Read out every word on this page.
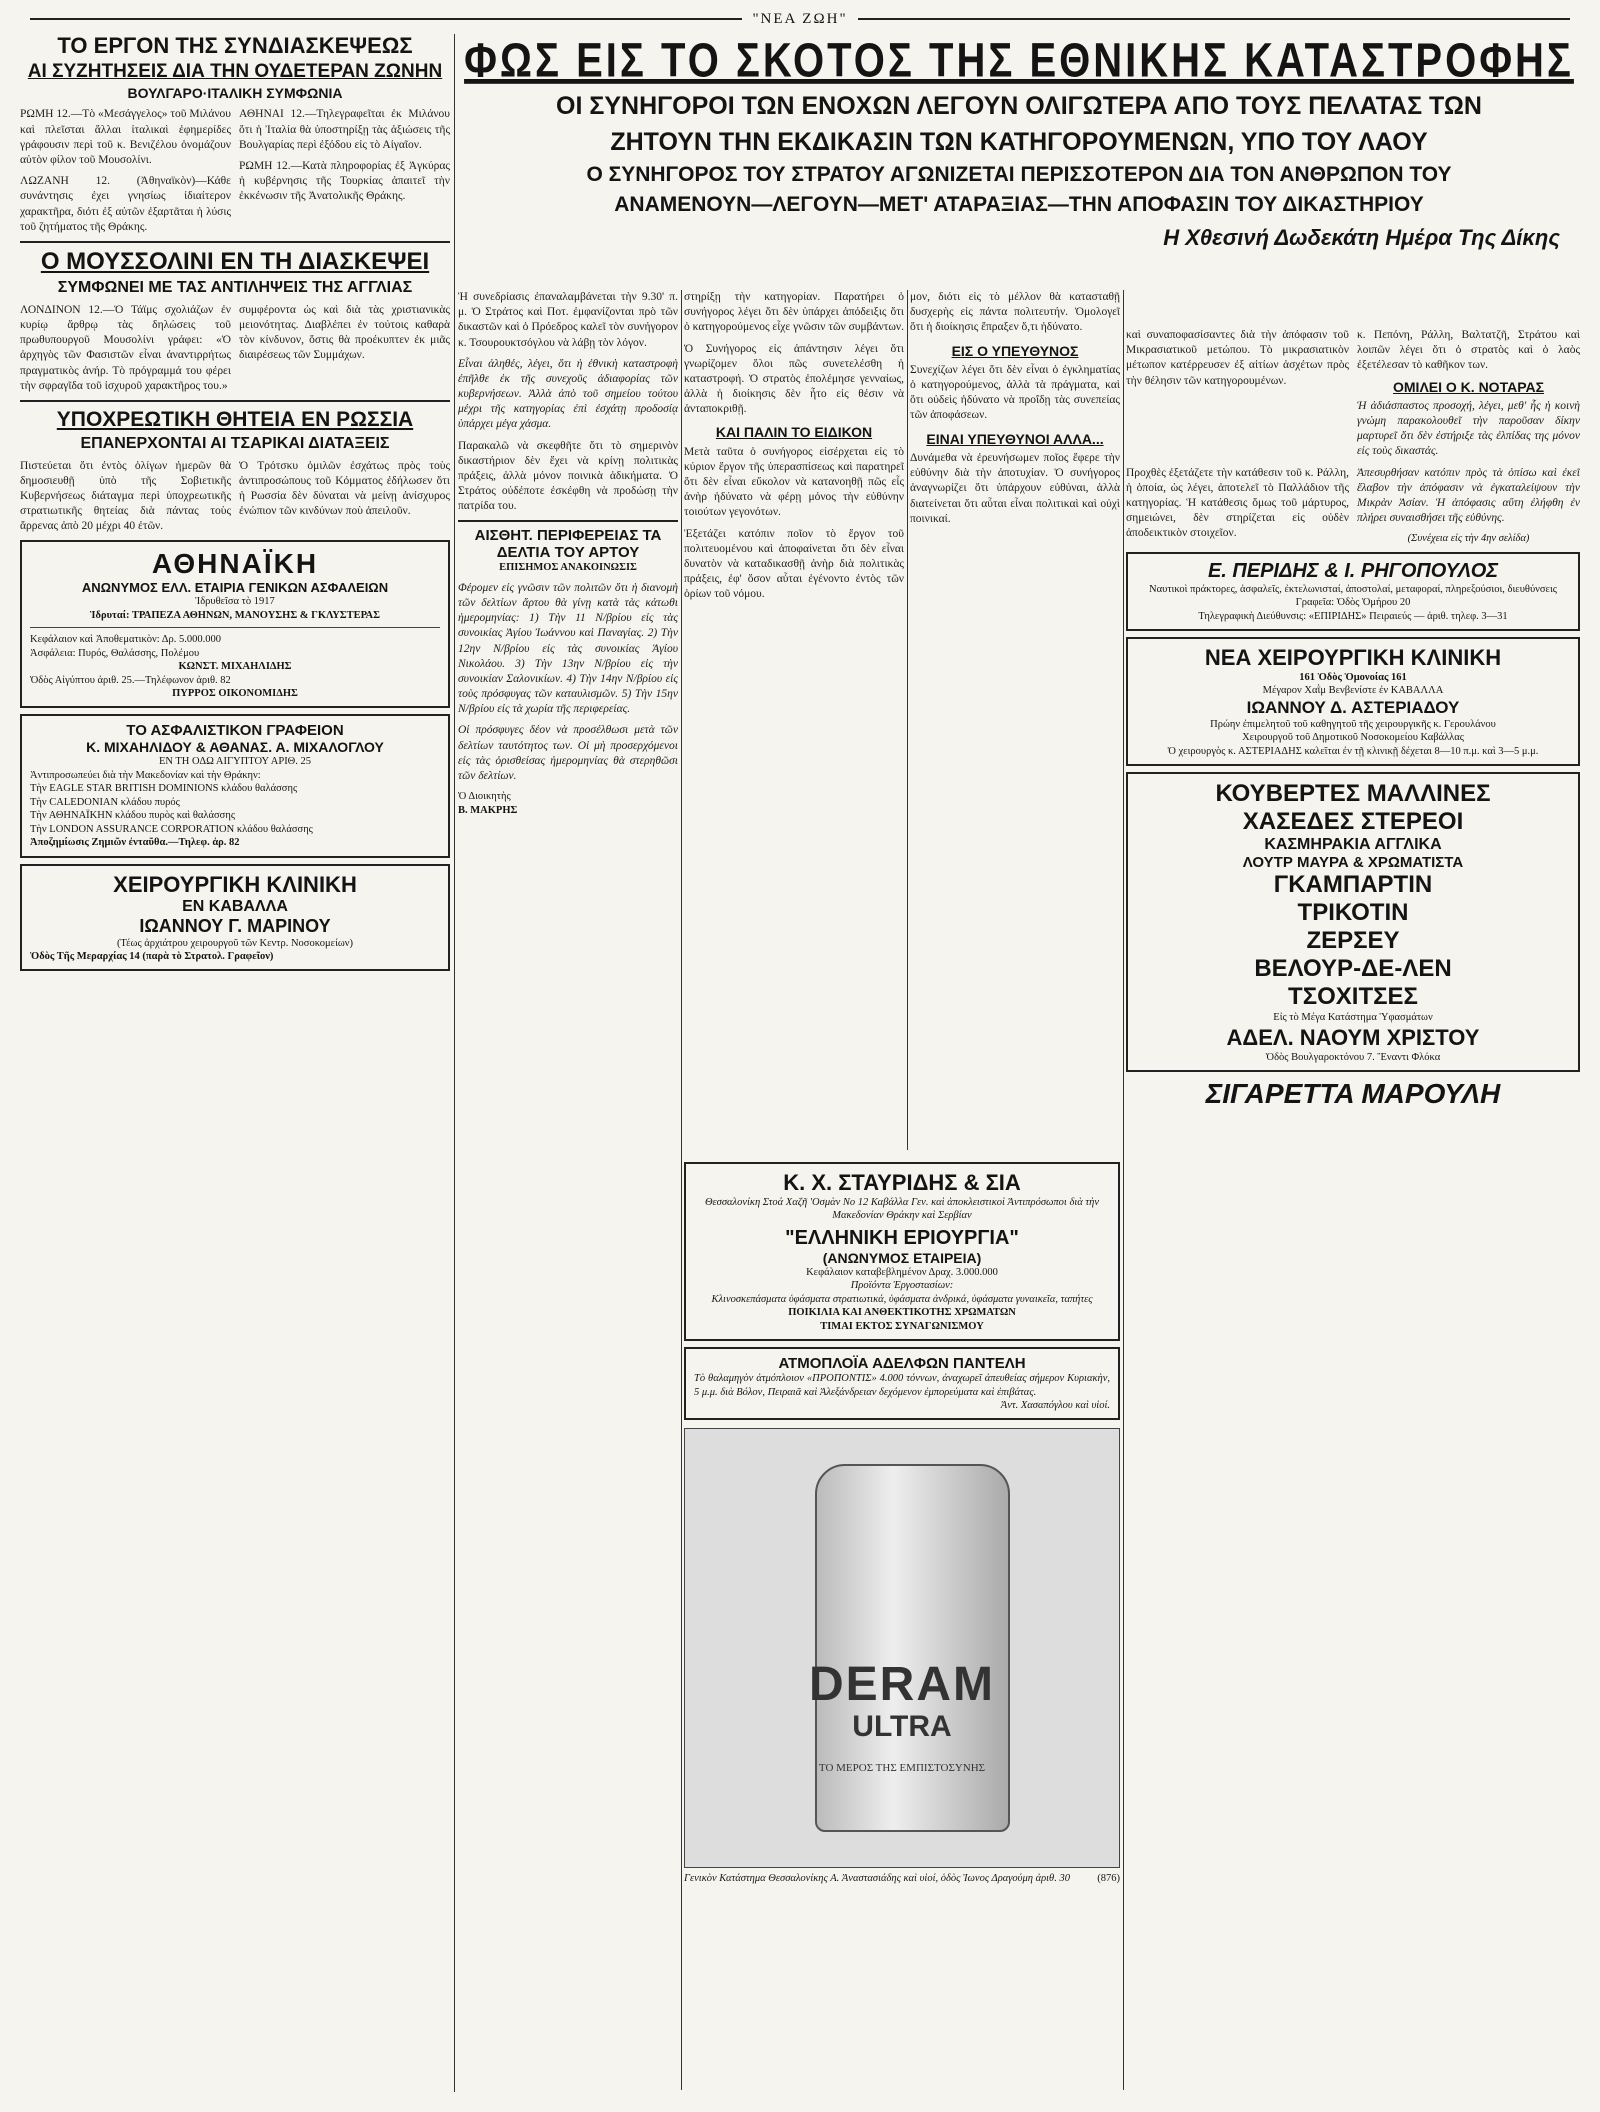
"ΝΕΑ ΖΩΗ"
ΦΩΣ ΕΙΣ ΤΟ ΣΚΟΤΟΣ ΤΗΣ ΕΘΝΙΚΗΣ ΚΑΤΑΣΤΡΟΦΗΣ
ΟΙ ΣΥΝΗΓΟΡΟΙ ΤΩΝ ΕΝΟΧΩΝ ΛΕΓΟΥΝ ΟΛΙΓΩΤΕΡΑ ΑΠΟ ΤΟΥΣ ΠΕΛΑΤΑΣ ΤΩΝ
ΖΗΤΟΥΝ ΤΗΝ ΕΚΔΙΚΑΣΙΝ ΤΩΝ ΚΑΤΗΓΟΡΟΥΜΕΝΩΝ, ΥΠΟ ΤΟΥ ΛΑΟΥ
Ο ΣΥΝΗΓΟΡΟΣ ΤΟΥ ΣΤΡΑΤΟΥ ΑΓΩΝΙΖΕΤΑΙ ΠΕΡΙΣΣΟΤΕΡΟΝ ΔΙΑ ΤΟΝ ΑΝΘΡΩΠΟΝ ΤΟΥ
ΑΝΑΜΕΝΟΥΝ—ΛΕΓΟΥΝ—ΜΕΤ' ΑΤΑΡΑΞΙΑΣ—ΤΗΝ ΑΠΟΦΑΣΙΝ ΤΟΥ ΔΙΚΑΣΤΗΡΙΟΥ
Η Χθεσινή Δωδεκάτη Ημέρα Της Δίκης
ΤΟ ΕΡΓΟΝ ΤΗΣ ΣΥΝΔΙΑΣΚΕΨΕΩΣ
ΑΙ ΣΥΖΗΤΗΣΕΙΣ ΔΙΑ ΤΗΝ ΟΥΔΕΤΕΡΑΝ ΖΩΝΗΝ
ΒΟΥΛΓΑΡΟ·ΙΤΑΛΙΚΗ ΣΥΜΦΩΝΙΑ

ΡΩΜΗ 12.—Τὸ «Μεσάγγελος» τοῦ Μιλάνου καὶ πλεῖσται ἄλλαι ἰταλικαὶ ἐφημερίδες γράφουσιν περὶ τοῦ κ. Βενιζέλου ὀνομάζουν αὐτὸν φίλον τοῦ Μουσολίνι.

ΛΩΖΑΝΗ 12. (Ἀθηναϊκὸν)—Κάθε συνάντησις ἐχει γνησίως ἰδιαίτερον χαρακτῆρα, διότι ἐξ αὐτῶν ἐξαρτᾶται ἡ λύσις τοῦ ζητήματος τῆς Θράκης.

ΑΘΗΝΑΙ 12.—Τηλεγραφεῖται ἐκ Μιλάνου ὅτι ἡ Ἰταλία θὰ ὑποστηρίξῃ τὰς ἀξιώσεις τῆς Βουλγαρίας περὶ ἐξόδου εἰς τὸ Αἰγαῖον.

ΡΩΜΗ 12.—Κατὰ πληροφορίας ἐξ Ἀγκύρας ἡ κυβέρνησις τῆς Τουρκίας ἀπαιτεῖ τὴν ἐκκένωσιν τῆς Ἀνατολικῆς Θράκης.

Ο ΜΟΥΣΣΟΛΙΝΙ ΕΝ ΤΗ ΔΙΑΣΚΕΨΕΙ
ΣΥΜΦΩΝΕΙ ΜΕ ΤΑΣ ΑΝΤΙΛΗΨΕΙΣ ΤΗΣ ΑΓΓΛΙΑΣ

ΛΟΝΔΙΝΟΝ 12.—Ὁ Τάϊμς σχολιάζων ἐν κυρίῳ ἄρθρῳ τὰς δηλώσεις τοῦ πρωθυπουργοῦ Μουσολίνι γράφει: «Ὁ ἀρχηγὸς τῶν Φασιστῶν εἶναι ἀναντιρρήτως πραγματικὸς ἀνήρ. Τὸ πρόγραμμά του φέρει τὴν σφραγῖδα τοῦ ἰσχυροῦ χαρακτῆρος του.»

συμφέροντα ὡς καὶ διὰ τὰς χριστιανικὰς μειονότητας. Διαβλέπει ἐν τούτοις καθαρὰ τὸν κίνδυνον, ὅστις θὰ προέκυπτεν ἐκ μιᾶς διαιρέσεως τῶν Συμμάχων.

ΥΠΟΧΡΕΩΤΙΚΗ ΘΗΤΕΙΑ ΕΝ ΡΩΣΣΙΑ
ΕΠΑΝΕΡΧΟΝΤΑΙ ΑΙ ΤΣΑΡΙΚΑΙ ΔΙΑΤΑΞΕΙΣ

Πιστεύεται ὅτι ἐντὸς ὀλίγων ἡμερῶν θὰ δημοσιευθῇ ὑπὸ τῆς Σοβιετικῆς Κυβερνήσεως διάταγμα περὶ ὑποχρεωτικῆς στρατιωτικῆς θητείας διὰ πάντας τοὺς ἄρρενας ἀπὸ 20 μέχρι 40 ἐτῶν.

Ὁ Τρότσκυ ὁμιλῶν ἐσχάτως πρὸς τοὺς ἀντιπροσώπους τοῦ Κόμματος ἐδήλωσεν ὅτι ἡ Ρωσσία δὲν δύναται νὰ μείνῃ ἀνίσχυρος ἐνώπιον τῶν κινδύνων ποὺ ἀπειλοῦν.

ΑΘΗΝΑΪΚΗ
ΑΝΩΝΥΜΟΣ ΕΛΛ. ΕΤΑΙΡΙΑ ΓΕΝΙΚΩΝ ΑΣΦΑΛΕΙΩΝ
Ἱδρυθεῖσα τὸ 1917
Ἱδρυταί: ΤΡΑΠΕΖΑ ΑΘΗΝΩΝ, ΜΑΝΟΥΣΗΣ & ΓΚΛΥΣΤΕΡΑΣ
Κεφάλαιον καὶ Ἀποθεματικὸν: Δρ. 5.000.000
Ἀσφάλεια: Πυρός, Θαλάσσης, Πολέμου
ΚΩΝΣΤ. ΜΙΧΑΗΛΙΔΗΣ
Ὁδὸς Αἰγύπτου ἀριθ. 25.—Τηλέφωνον ἀριθ. 82
ΠΥΡΡΟΣ ΟΙΚΟΝΟΜΙΔΗΣ
ΤΟ ΑΣΦΑΛΙΣΤΙΚΟΝ ΓΡΑΦΕΙΟΝ
Κ. ΜΙΧΑΗΛΙΔΟΥ & ΑΘΑΝΑΣ. Α. ΜΙΧΑΛΟΓΛΟΥ
ΕΝ ΤΗ ΟΔΩ ΑΙΓΥΠΤΟΥ ΑΡΙΘ. 25
Ἀντιπροσωπεύει διὰ τὴν Μακεδονίαν καὶ τὴν Θράκην:
Τὴν EAGLE STAR BRITISH DOMINIONS κλάδου θαλάσσης
Τὴν CALEDONIAN κλάδου πυρός
Τὴν ΑΘΗΝΑΪΚΗΝ κλάδου πυρὸς καὶ θαλάσσης
Τὴν LONDON ASSURANCE CORPORATION κλάδου θαλάσσης
Ἀποζημίωσις Ζημιῶν ἐνταῦθα.—Τηλεφ. ἀρ. 82
ΧΕΙΡΟΥΡΓΙΚΗ ΚΛΙΝΙΚΗ
ΕΝ ΚΑΒΑΛΛΑ
ΙΩΑΝΝΟΥ Γ. ΜΑΡΙΝΟΥ
(Τέως ἀρχιάτρου χειρουργοῦ τῶν Κεντρ. Νοσοκομείων)
Ὁδὸς Τῆς Μεραρχίας 14 (παρὰ τὸ Στρατολ. Γραφεῖον)

Ἡ συνεδρίασις ἐπαναλαμβάνεται τὴν 9.30' π. μ. Ὁ Στράτος καὶ Ποτ. ἐμφανίζονται πρὸ τῶν δικαστῶν καὶ ὁ Πρόεδρος καλεῖ τὸν συνήγορον κ. Τσουρουκτσόγλου νὰ λάβῃ τὸν λόγον.

Εἶναι ἀληθές, λέγει, ὅτι ἡ ἐθνικὴ καταστροφὴ ἐπῆλθε ἐκ τῆς συνεχοῦς ἀδιαφορίας τῶν κυβερνήσεων. Ἀλλὰ ἀπὸ τοῦ σημείου τούτου μέχρι τῆς κατηγορίας ἐπὶ ἐσχάτῃ προδοσίᾳ ὑπάρχει μέγα χάσμα.

Παρακαλῶ νὰ σκεφθῆτε ὅτι τὸ σημερινὸν δικαστήριον δὲν ἔχει νὰ κρίνῃ πολιτικὰς πράξεις, ἀλλὰ μόνον ποινικὰ ἀδικήματα. Ὁ Στράτος οὐδέποτε ἐσκέφθη νὰ προδώσῃ τὴν πατρίδα του.

ΑΙΣΘΗΤ. ΠΕΡΙΦΕΡΕΙΑΣ ΤΑ ΔΕΛΤΙΑ ΤΟΥ ΑΡΤΟΥ
ΕΠΙΣΗΜΟΣ ΑΝΑΚΟΙΝΩΣΙΣ

Φέρομεν εἰς γνῶσιν τῶν πολιτῶν ὅτι ἡ διανομὴ τῶν δελτίων ἄρτου θὰ γίνῃ κατὰ τὰς κάτωθι ἡμερομηνίας: 1) Τὴν 11 Ν/βρίου εἰς τὰς συνοικίας Ἀγίου Ἰωάννου καὶ Παναγίας. 2) Τὴν 12ην Ν/βρίου εἰς τὰς συνοικίας Ἁγίου Νικολάου. 3) Τὴν 13ην Ν/βρίου εἰς τὴν συνοικίαν Σαλονικίων. 4) Τὴν 14ην Ν/βρίου εἰς τοὺς πρόσφυγας τῶν καταυλισμῶν. 5) Τὴν 15ην Ν/βρίου εἰς τὰ χωρία τῆς περιφερείας.

Οἱ πρόσφυγες δέον νὰ προσέλθωσι μετὰ τῶν δελτίων ταυτότητος των. Οἱ μὴ προσερχόμενοι εἰς τὰς ὁρισθείσας ἡμερομηνίας θὰ στερηθῶσι τῶν δελτίων.

Ὁ Διοικητὴς
Β. ΜΑΚΡΗΣ

στηρίξῃ τὴν κατηγορίαν. Παρατήρει ὁ συνήγορος λέγει ὅτι δὲν ὑπάρχει ἀπόδειξις ὅτι ὁ κατηγορούμενος εἶχε γνῶσιν τῶν συμβάντων.

Ὁ Συνήγορος εἰς ἀπάντησιν λέγει ὅτι γνωρίζομεν ὅλοι πῶς συνετελέσθη ἡ καταστροφή. Ὁ στρατὸς ἐπολέμησε γενναίως, ἀλλὰ ἡ διοίκησις δὲν ἦτο εἰς θέσιν νὰ ἀνταποκριθῇ.

ΚΑΙ ΠΑΛΙΝ ΤΟ ΕΙΔΙΚΟΝ

Μετὰ ταῦτα ὁ συνήγορος εἰσέρχεται εἰς τὸ κύριον ἔργον τῆς ὑπερασπίσεως καὶ παρατηρεῖ ὅτι δὲν εἶναι εὔκολον νὰ κατανοηθῇ πῶς εἷς ἀνὴρ ἠδύνατο νὰ φέρῃ μόνος τὴν εὐθύνην τοιούτων γεγονότων.

Ἐξετάζει κατόπιν ποῖον τὸ ἔργον τοῦ πολιτευομένου καὶ ἀποφαίνεται ὅτι δὲν εἶναι δυνατὸν νὰ καταδικασθῇ ἀνὴρ διὰ πολιτικὰς πράξεις, ἐφ' ὅσον αὗται ἐγένοντο ἐντὸς τῶν ὁρίων τοῦ νόμου.

μον, διότι εἰς τὸ μέλλον θὰ κατασταθῇ δυσχερὴς εἰς πάντα πολιτευτήν. Ὁμολογεῖ ὅτι ἡ διοίκησις ἔπραξεν ὅ,τι ἠδύνατο.

ΕΙΣ Ο ΥΠΕΥΘΥΝΟΣ

Συνεχίζων λέγει ὅτι δὲν εἶναι ὁ ἐγκληματίας ὁ κατηγορούμενος, ἀλλὰ τὰ πράγματα, καὶ ὅτι οὐδεὶς ἠδύνατο νὰ προΐδῃ τὰς συνεπείας τῶν ἀποφάσεων.

ΕΙΝΑΙ ΥΠΕΥΘΥΝΟΙ ΑΛΛΑ...

Δυνάμεθα νὰ ἐρευνήσωμεν ποῖος ἔφερε τὴν εὐθύνην διὰ τὴν ἀποτυχίαν. Ὁ συνήγορος ἀναγνωρίζει ὅτι ὑπάρχουν εὐθύναι, ἀλλὰ διατείνεται ὅτι αὗται εἶναι πολιτικαὶ καὶ οὐχὶ ποινικαί.

Κ. Χ. ΣΤΑΥΡΙΔΗΣ & ΣΙΑ
Θεσσαλονίκη Στοά Χαζῆ 'Οσμὰν Νο 12 Καβάλλα Γεν. καὶ ἀποκλειστικοὶ Ἀντιπρόσωποι διὰ τὴν Μακεδονίαν Θράκην καὶ Σερβίαν
"ΕΛΛΗΝΙΚΗ ΕΡΙΟΥΡΓΙΑ"
(ΑΝΩΝΥΜΟΣ ΕΤΑΙΡΕΙΑ)
Κεφάλαιον καταβεβλημένον Δραχ. 3.000.000
Προϊόντα Ἐργοστασίων:
Κλινοσκεπάσματα ὑφάσματα στρατιωτικά, ὑφάσματα ἀνδρικά, ὑφάσματα γυναικεῖα, ταπήτες
ΠΟΙΚΙΛΙΑ ΚΑΙ ΑΝΘΕΚΤΙΚΟΤΗΣ ΧΡΩΜΑΤΩΝ
ΤΙΜΑΙ ΕΚΤΟΣ ΣΥΝΑΓΩΝΙΣΜΟΥ
ΑΤΜΟΠΛΟΪΑ ΑΔΕΛΦΩΝ ΠΑΝΤΕΛΗ
Τὸ θαλαμηγὸν ἀτμόπλοιον «ΠΡΟΠΟΝΤΙΣ» 4.000 τόννων, ἀναχωρεῖ ἀπευθείας σήμερον Κυριακὴν, 5 μ.μ. διὰ Βόλον, Πειραιᾶ καὶ Ἀλεξάνδρειαν δεχόμενον ἐμπορεύματα καὶ ἐπιβάτας.
Ἀντ. Χασαπόγλου καὶ υἱοί.
DERAM
ULTRA
ΤΟ ΜΕΡΟΣ ΤΗΣ ΕΜΠΙΣΤΟΣΥΝΗΣ
Γενικὸν Κατάστημα Θεσσαλονίκης Α. Ἀναστασιάδης καὶ υἱοί, ὁδὸς Ἰωνος Δραγούμη ἀριθ. 30	(876)

καὶ συναποφασίσαντες διὰ τὴν ἀπόφασιν τοῦ Μικρασιατικοῦ μετώπου. Τὸ μικρασιατικὸν μέτωπον κατέρρευσεν ἐξ αἰτίων ἀσχέτων πρὸς τὴν θέλησιν τῶν κατηγορουμένων.

κ. Πεπόνη, Ράλλη, Βαλτατζῆ, Στράτου καὶ λοιπῶν λέγει ὅτι ὁ στρατὸς καὶ ὁ λαὸς ἐξετέλεσαν τὸ καθῆκον των.

ΟΜΙΛΕΙ Ο Κ. ΝΟΤΑΡΑΣ

Ἡ ἀδιάσπαστος προσοχή, λέγει, μεθ' ἧς ἡ κοινὴ γνώμη παρακολουθεῖ τὴν παροῦσαν δίκην μαρτυρεῖ ὅτι δὲν ἐστήριξε τὰς ἐλπίδας της μόνον εἰς τοὺς δικαστάς.

Προχθὲς ἐξετάζετε τὴν κατάθεσιν τοῦ κ. Ράλλη, ἡ ὁποία, ὡς λέγει, ἀποτελεῖ τὸ Παλλάδιον τῆς κατηγορίας. Ἡ κατάθεσις ὅμως τοῦ μάρτυρος, σημειώνει, δὲν στηρίζεται εἰς οὐδὲν ἀποδεικτικὸν στοιχεῖον.

Ἀπεσυρθήσαν κατόπιν πρὸς τὰ ὀπίσω καὶ ἐκεῖ ἔλαβον τὴν ἀπόφασιν νὰ ἐγκαταλείψουν τὴν Μικρὰν Ἀσίαν. Ἡ ἀπόφασις αὕτη ἐλήφθη ἐν πλήρει συναισθήσει τῆς εὐθύνης.

(Συνέχεια εἰς τὴν 4ην σελίδα)
Ε. ΠΕΡΙΔΗΣ & Ι. ΡΗΓΟΠΟΥΛΟΣ
Ναυτικοὶ πράκτορες, ἀσφαλεῖς, ἐκτελωνισταί, ἀποστολαί, μεταφοραί, πληρεξούσιοι, διευθύνσεις
Γραφεῖα: Ὁδὸς Ὁμήρου 20
Τηλεγραφικὴ Διεύθυνσις: «ΕΠΙΡΙΔΗΣ» Πειραιεύς — ἀριθ. τηλεφ. 3—31
ΝΕΑ ΧΕΙΡΟΥΡΓΙΚΗ ΚΛΙΝΙΚΗ
161 Ὁδὸς Ὁμονοίας 161
Μέγαρον Χαῒμ Βενβενίστε ἐν ΚΑΒΑΛΛΑ
ΙΩΑΝΝΟΥ Δ. ΑΣΤΕΡΙΑΔΟΥ
Πρώην ἐπιμελητοῦ τοῦ καθηγητοῦ τῆς χειρουργικῆς κ. Γερουλάνου
Χειρουργοῦ τοῦ Δημοτικοῦ Νοσοκομείου Καβάλλας
Ὁ χειρουργὸς κ. ΑΣΤΕΡΙΑΔΗΣ καλεῖται ἐν τῇ κλινικῇ δέχεται 8—10 π.μ. καὶ 3—5 μ.μ.
ΚΟΥΒΕΡΤΕΣ ΜΑΛΛΙΝΕΣ
ΧΑΣΕΔΕΣ ΣΤΕΡΕΟΙ
ΚΑΣΜΗΡΑΚΙΑ ΑΓΓΛΙΚΑ
ΛΟΥΤΡ ΜΑΥΡΑ & ΧΡΩΜΑΤΙΣΤΑ
ΓΚΑΜΠΑΡΤΙΝ
ΤΡΙΚΟΤΙΝ
ΖΕΡΣΕΥ
ΒΕΛΟΥΡ-ΔΕ-ΛΕΝ
ΤΣΟΧΙΤΣΕΣ
Εἰς τὸ Μέγα Κατάστημα Ὑφασμάτων
ΑΔΕΛ. ΝΑΟΥΜ ΧΡΙΣΤΟΥ
Ὁδὸς Βουλγαροκτόνου 7. Ἔναντι Φλόκα
ΣΙΓΑΡΕΤΤΑ ΜΑΡΟΥΛΗ
